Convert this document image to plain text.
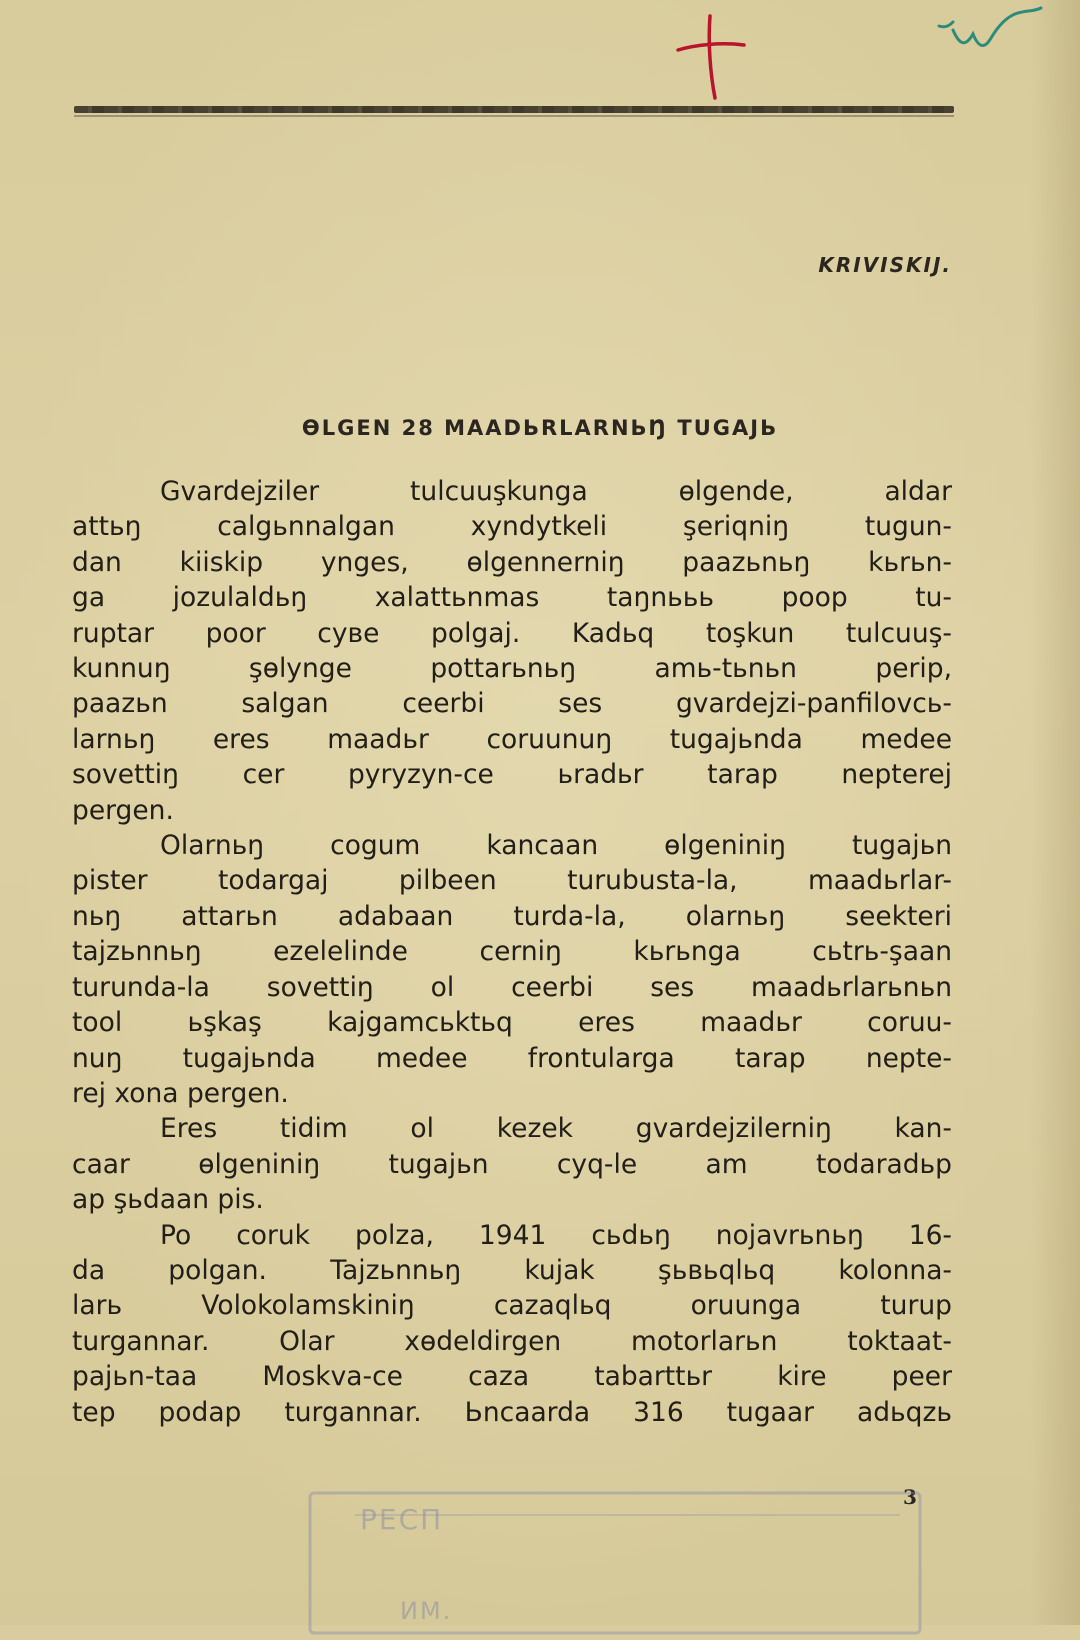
KRIVISKIJ.
ӨLGEN 28 MAADЬRLARNЬŊ TUGAJЬ
Gvardejziler tulcuuşkunga ɵlgende, aldar
attьŋ calgьnnalgan xyndytkeli şeriqniŋ tugun-
dan kiiskip ynges, ɵlgennerniŋ paazьnьŋ kьrьn-
ga jozulaldьŋ xalattьnmas taŋnььь poop tu-
ruptar poor cyвe polgaj. Kadьq toşkun tulcuuş-
kunnuŋ şɵlynge pottarьnьŋ amь-tьnьn perip,
paazьn salgan ceerbi ses gvardejzi-panfilovcь-
larnьŋ eres maadьr coruunuŋ tugajьnda medee
sovettiŋ cer pyryzyn-ce ьradьr tarap nepterej
pergen.
Olarnьŋ cogum kancaan ɵlgeniniŋ tugajьn
pister todargaj pilbeen turubusta-la, maadьrlar-
nьŋ attarьn adabaan turda-la, olarnьŋ seekteri
tajzьnnьŋ ezelelinde cerniŋ kьrьnga cьtrь-şaan
turunda-la sovettiŋ ol ceerbi ses maadьrlarьnьn
tool ьşkaş kajgamcьktьq eres maadьr coruu-
nuŋ tugajьnda medee frontularga tarap nepte-
rej xona pergen.
Eres tidim ol kezek gvardejzilerniŋ kan-
caar ɵlgeniniŋ tugajьn cyq-le am todaradьp
ap şьdaan pis.
Po coruk polza, 1941 cьdьŋ nojavrьnьŋ 16-
da polgan. Tajzьnnьŋ kujak şьвьqlьq kolonna-
larь Volokolamskiniŋ cazaqlьq oruunga turup
turgannar. Olar xɵdeldirgen motorlarьn toktaat-
pajьn-taa Moskva-ce caza tabarttьr kire peer
tep podap turgannar. Ьncaarda 316 tugaar adьqzь
3
РЕСП
ИМ.
